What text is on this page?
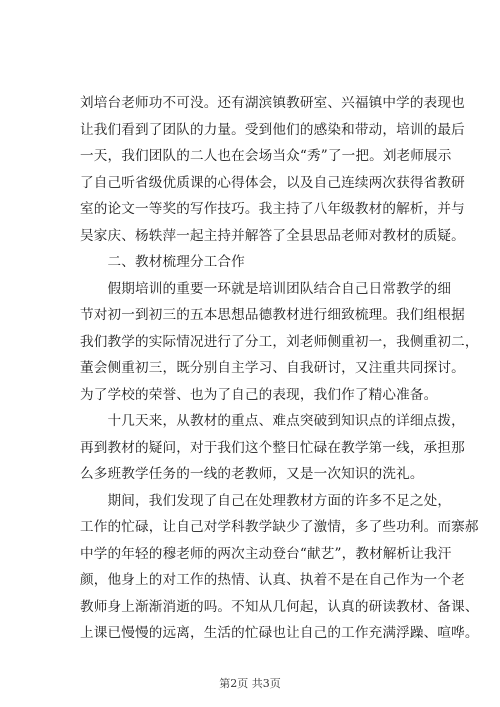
刘培台老师功不可没。还有湖滨镇教研室、兴福镇中学的表现也
让我们看到了团队的力量。受到他们的感染和带动，培训的最后
一天，我们团队的二人也在会场当众“秀”了一把。刘老师展示
了自己听省级优质课的心得体会，以及自己连续两次获得省教研
室的论文一等奖的写作技巧。我主持了八年级教材的解析，并与
吴家庆、杨轶萍一起主持并解答了全县思品老师对教材的质疑。
　　二、教材梳理分工合作
　　假期培训的重要一环就是培训团队结合自己日常教学的细
节对初一到初三的五本思想品德教材进行细致梳理。我们组根据
我们教学的实际情况进行了分工，刘老师侧重初一，我侧重初二，
董会侧重初三，既分别自主学习、自我研讨，又注重共同探讨。
为了学校的荣誉、也为了自己的表现，我们作了精心准备。
　　十几天来，从教材的重点、难点突破到知识点的详细点拨，
再到教材的疑问，对于我们这个整日忙碌在教学第一线，承担那
么多班教学任务的一线的老教师，又是一次知识的洗礼。
　　期间，我们发现了自己在处理教材方面的许多不足之处，
工作的忙碌，让自己对学科教学缺少了激情，多了些功利。而寨郝
中学的年轻的穆老师的两次主动登台“献艺”，教材解析让我汗
颜，他身上的对工作的热情、认真、执着不是在自己作为一个老
教师身上渐渐消逝的吗。不知从几何起，认真的研读教材、备课、
上课已慢慢的远离，生活的忙碌也让自己的工作充满浮躁、喧哗。
第2页 共3页
